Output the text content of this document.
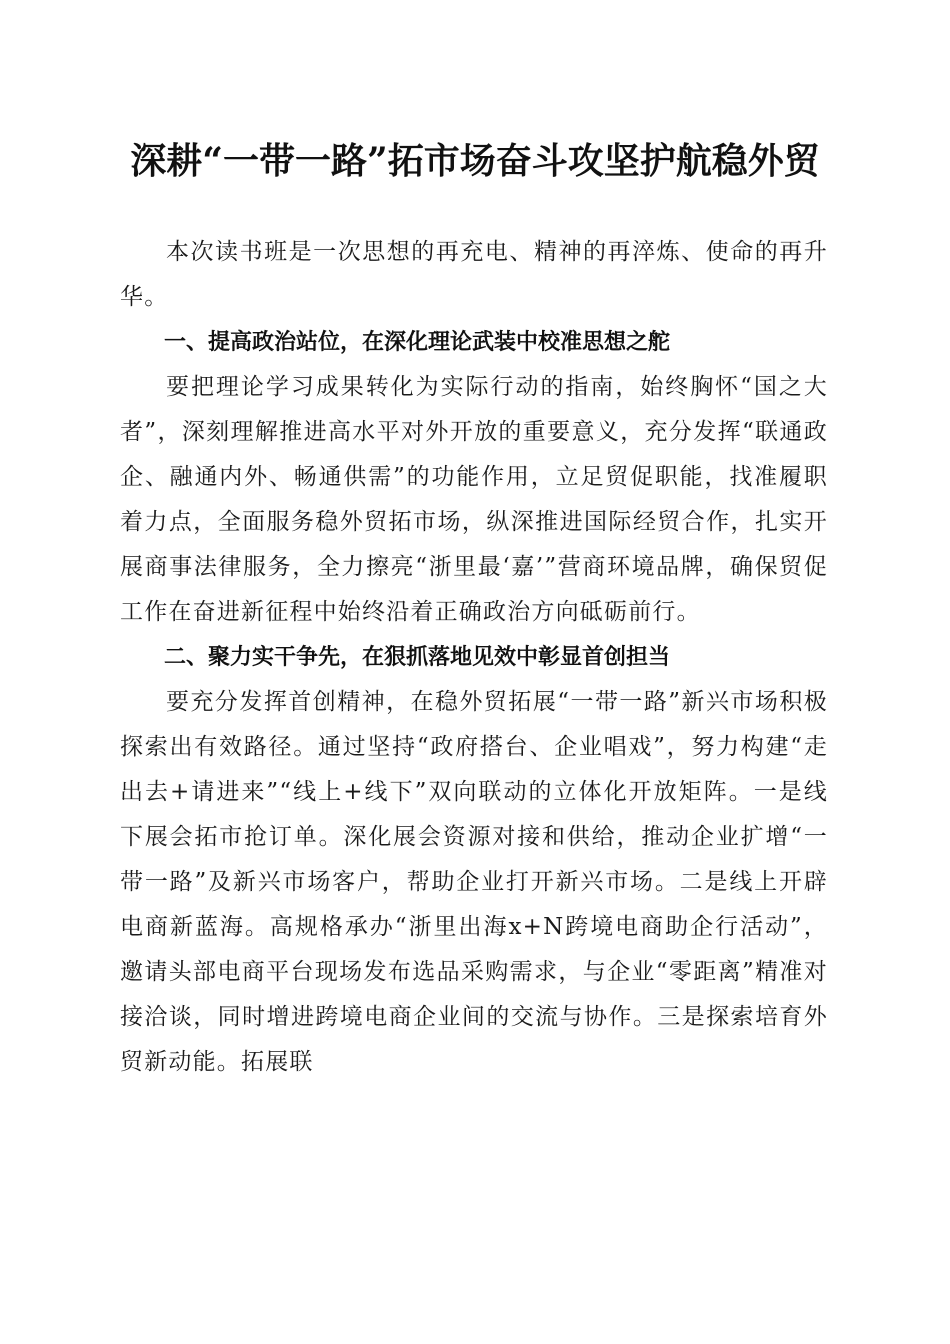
深耕“一带一路”拓市场奋斗攻坚护航稳外贸

本次读书班是一次思想的再充电、精神的再淬炼、使命的再升华。

一、提高政治站位，在深化理论武装中校准思想之舵

要把理论学习成果转化为实际行动的指南，始终胸怀“国之大者”，深刻理解推进高水平对外开放的重要意义，充分发挥“联通政企、融通内外、畅通供需”的功能作用，立足贸促职能，找准履职着力点，全面服务稳外贸拓市场，纵深推进国际经贸合作，扎实开展商事法律服务，全力擦亮“浙里最‘嘉’”营商环境品牌，确保贸促工作在奋进新征程中始终沿着正确政治方向砥砺前行。

二、聚力实干争先，在狠抓落地见效中彰显首创担当

要充分发挥首创精神，在稳外贸拓展“一带一路”新兴市场积极探索出有效路径。通过坚持“政府搭台、企业唱戏”，努力构建“走出去+请进来”“线上+线下”双向联动的立体化开放矩阵。一是线下展会拓市抢订单。深化展会资源对接和供给，推动企业扩增“一带一路”及新兴市场客户，帮助企业打开新兴市场。二是线上开辟电商新蓝海。高规格承办“浙里出海x+N跨境电商助企行活动”，邀请头部电商平台现场发布选品采购需求，与企业“零距离”精准对接洽谈，同时增进跨境电商企业间的交流与协作。三是探索培育外贸新动能。拓展联
